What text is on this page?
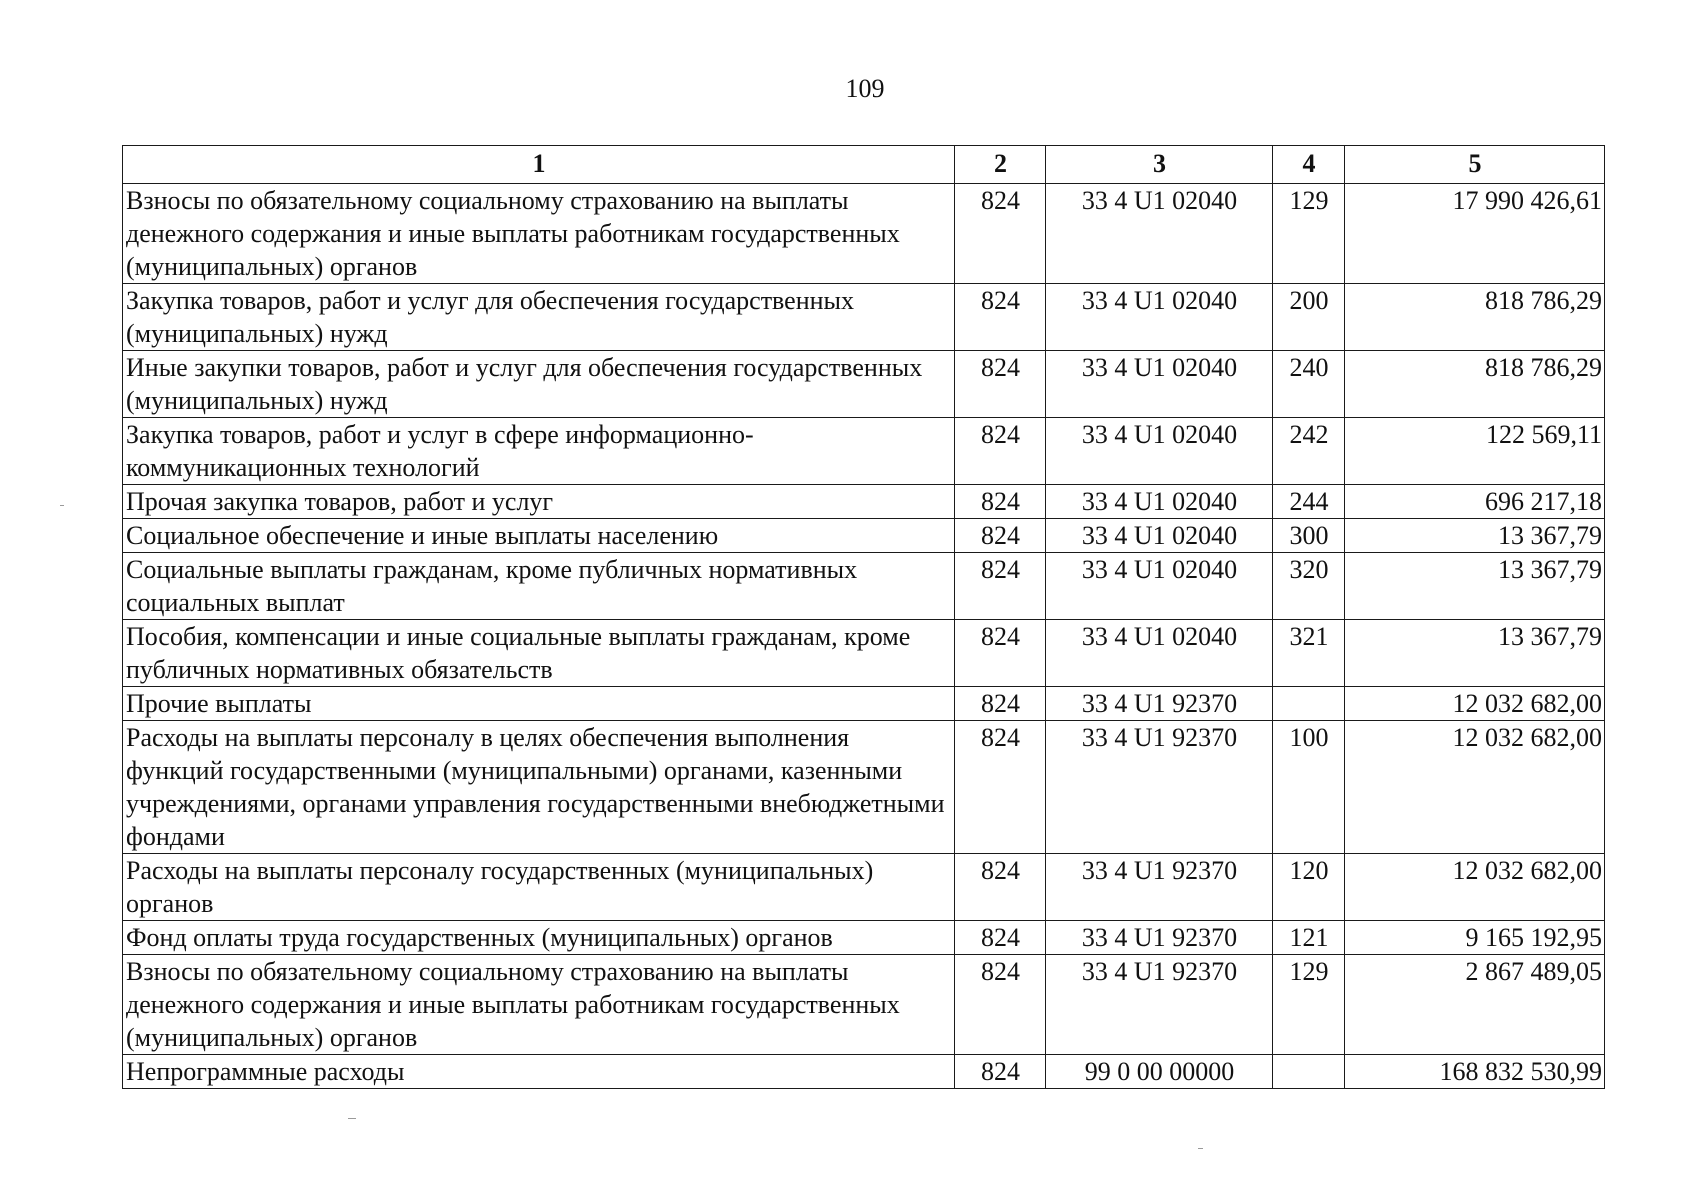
109
1	2	3	4	5
Взносы по обязательному социальному страхованию на выплаты денежного содержания и иные выплаты работникам государственных (муниципальных) органов	824	33 4 U1 02040	129	17 990 426,61
Закупка товаров, работ и услуг для обеспечения государственных (муниципальных) нужд	824	33 4 U1 02040	200	818 786,29
Иные закупки товаров, работ и услуг для обеспечения государственных (муниципальных) нужд	824	33 4 U1 02040	240	818 786,29
Закупка товаров, работ и услуг в сфере информационно-коммуникационных технологий	824	33 4 U1 02040	242	122 569,11
Прочая закупка товаров, работ и услуг	824	33 4 U1 02040	244	696 217,18
Социальное обеспечение и иные выплаты населению	824	33 4 U1 02040	300	13 367,79
Социальные выплаты гражданам, кроме публичных нормативных социальных выплат	824	33 4 U1 02040	320	13 367,79
Пособия, компенсации и иные социальные выплаты гражданам, кроме публичных нормативных обязательств	824	33 4 U1 02040	321	13 367,79
Прочие выплаты	824	33 4 U1 92370		12 032 682,00
Расходы на выплаты персоналу в целях обеспечения выполнения функций государственными (муниципальными) органами, казенными учреждениями, органами управления государственными внебюджетными фондами	824	33 4 U1 92370	100	12 032 682,00
Расходы на выплаты персоналу государственных (муниципальных) органов	824	33 4 U1 92370	120	12 032 682,00
Фонд оплаты труда государственных (муниципальных) органов	824	33 4 U1 92370	121	9 165 192,95
Взносы по обязательному социальному страхованию на выплаты денежного содержания и иные выплаты работникам государственных (муниципальных) органов	824	33 4 U1 92370	129	2 867 489,05
Непрограммные расходы	824	99 0 00 00000		168 832 530,99
